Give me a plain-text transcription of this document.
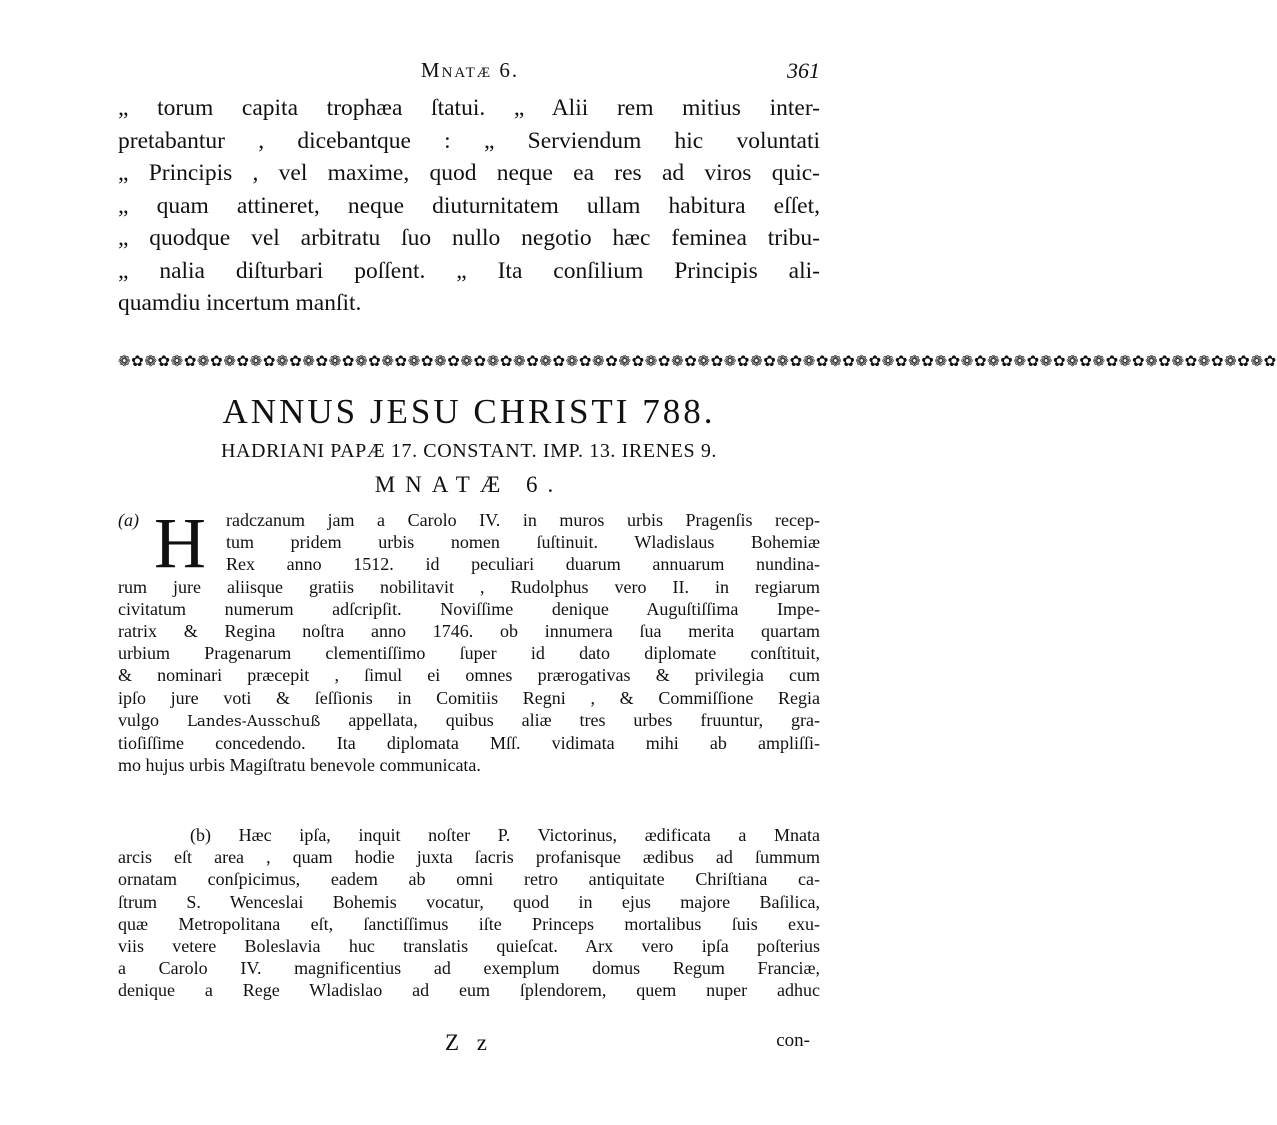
Mnatæ 6.	361
„ torum capita trophæa ſtatui. „ Alii rem mitius inter-
pretabantur , dicebantque : „ Serviendum hic voluntati
„ Principis , vel maxime, quod neque ea res ad viros quic-
„ quam attineret, neque diuturnitatem ullam habitura eſſet,
„ quodque vel arbitratu ſuo nullo negotio hæc feminea tribu-
„ nalia diſturbari poſſent. „ Ita conſilium Principis ali-
quamdiu incertum manſit.
❁✿❁✿❁✿❁✿❁✿❁✿❁✿❁✿❁✿❁✿❁✿❁✿❁✿❁✿❁✿❁✿❁✿❁✿❁✿❁✿❁✿❁✿❁✿❁✿❁✿❁✿❁✿❁✿❁✿❁✿❁✿❁✿❁✿❁✿❁✿❁✿❁✿❁✿❁✿❁✿❁✿❁✿❁✿❁✿
ANNUS JESU CHRISTI 788.
HADRIANI PAPÆ 17. CONSTANT. IMP. 13. IRENES 9.
MNATÆ 6.
(a) H	radczanum jam a Carolo IV. in muros urbis Pragenſis recep-
tum pridem urbis nomen ſuſtinuit. Wladislaus Bohemiæ
Rex anno 1512. id peculiari duarum annuarum nundina-
rum jure aliisque gratiis nobilitavit , Rudolphus vero II. in regiarum
civitatum numerum adſcripſit. Noviſſime denique Auguſtiſſima Impe-
ratrix & Regina noſtra anno 1746. ob innumera ſua merita quartam
urbium Pragenarum clementiſſimo ſuper id dato diplomate conſtituit,
& nominari præcepit , ſimul ei omnes prærogativas & privilegia cum
ipſo jure voti & ſeſſionis in Comitiis Regni , & Commiſſione Regia
vulgo Landes-Ausschuß appellata, quibus aliæ tres urbes fruuntur, gra-
tioſiſſime concedendo. Ita diplomata Mſſ. vidimata mihi ab ampliſſi-
mo hujus urbis Magiſtratu benevole communicata.
(b) Hæc ipſa, inquit noſter P. Victorinus, ædificata a Mnata
arcis eſt area , quam hodie juxta ſacris profanisque ædibus ad ſummum
ornatam conſpicimus, eadem ab omni retro antiquitate Chriſtiana ca-
ſtrum S. Wenceslai Bohemis vocatur, quod in ejus majore Baſilica,
quæ Metropolitana eſt, ſanctiſſimus iſte Princeps mortalibus ſuis exu-
viis vetere Boleslavia huc translatis quieſcat. Arx vero ipſa poſterius
a Carolo IV. magnificentius ad exemplum domus Regum Franciæ,
denique a Rege Wladislao ad eum ſplendorem, quem nuper adhuc
Z z	con-
